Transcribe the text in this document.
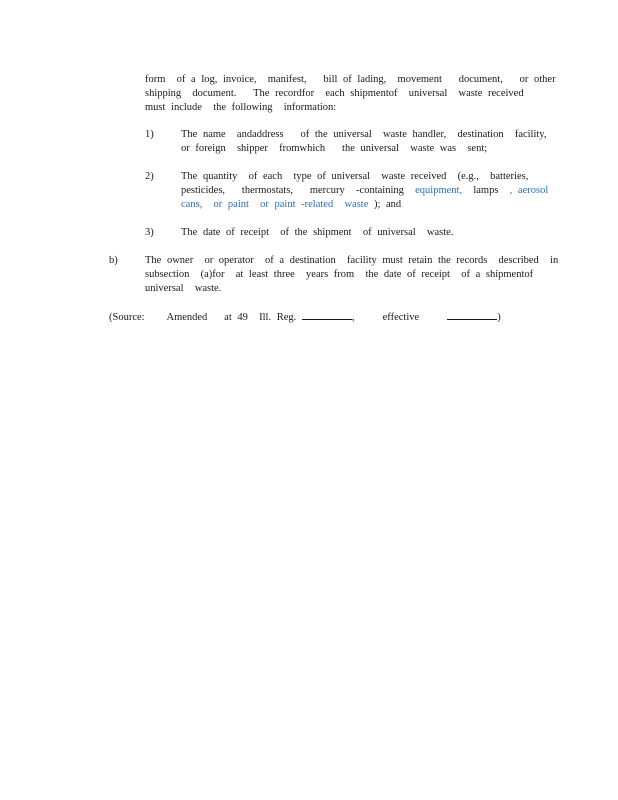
form  of a log, invoice,  manifest,   bill of lading,  movement   document,   or other
shipping  document.   The recordfor  each shipmentof  universal  waste received
must include  the following  information:
1)	The name  andaddress   of the universal  waste handler,  destination  facility,
or foreign  shipper  fromwhich   the universal  waste was  sent;
2)	The quantity  of each  type of universal  waste received  (e.g.,  batteries,
pesticides,   thermostats,   mercury  -containing  equipment,  lamps  , aerosol
cans,  or paint  or paint -related  waste ); and
3)	The date of receipt  of the shipment  of universal  waste.
b)	The owner  or operator  of a destination  facility must retain the records  described  in
subsection  (a)for  at least three  years from  the date of receipt  of a shipmentof
universal  waste.
(Source:    Amended   at 49  Ill. Reg.	,	effective	)
